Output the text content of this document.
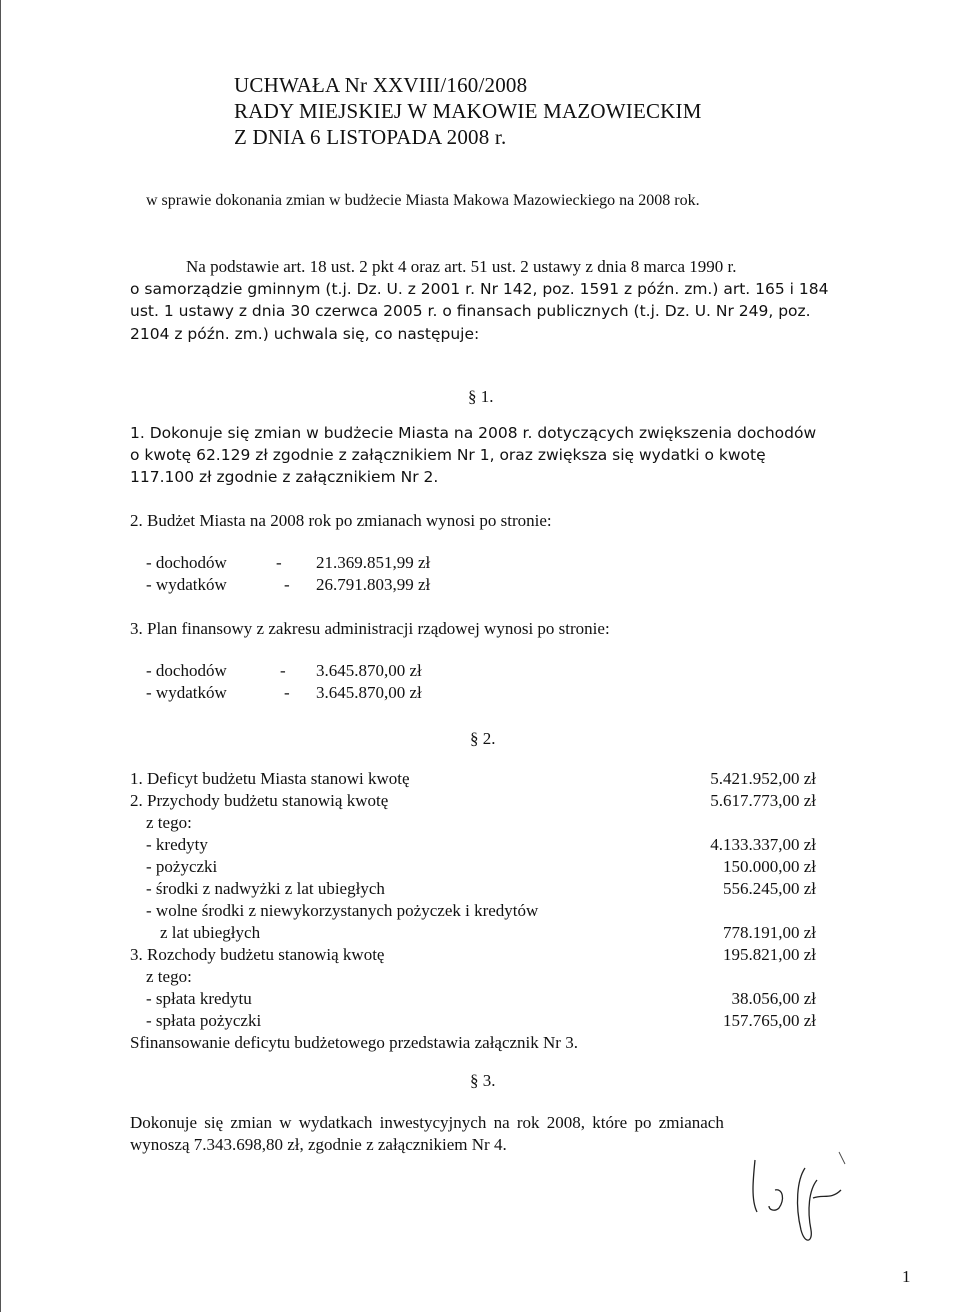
UCHWAŁA Nr XXVIII/160/2008
RADY MIEJSKIEJ W MAKOWIE MAZOWIECKIM
Z DNIA 6 LISTOPADA 2008 r.
w sprawie dokonania zmian w budżecie Miasta Makowa Mazowieckiego na 2008 rok.
Na podstawie art. 18 ust. 2 pkt 4 oraz art. 51 ust. 2 ustawy z dnia 8 marca 1990 r.
o samorządzie gminnym (t.j. Dz. U. z 2001 r. Nr 142, poz. 1591 z późn. zm.) art. 165 i 184
ust. 1 ustawy z dnia 30 czerwca 2005 r. o finansach publicznych (t.j. Dz. U. Nr 249, poz.
2104 z późn. zm.) uchwala się, co następuje:
§ 1.
1. Dokonuje się zmian w budżecie Miasta na 2008 r. dotyczących zwiększenia dochodów
o kwotę 62.129 zł zgodnie z załącznikiem Nr 1, oraz zwiększa się wydatki o kwotę
117.100 zł zgodnie z załącznikiem Nr 2.
2. Budżet Miasta na 2008 rok po zmianach wynosi po stronie:
- dochodów	- 21.369.851,99 zł
- wydatków	- 26.791.803,99 zł
3. Plan finansowy z zakresu administracji rządowej wynosi po stronie:
- dochodów	- 3.645.870,00 zł
- wydatków	- 3.645.870,00 zł
§ 2.
1. Deficyt budżetu Miasta stanowi kwotę	5.421.952,00 zł
2. Przychody budżetu stanowią kwotę	5.617.773,00 zł
z tego:
- kredyty	4.133.337,00 zł
- pożyczki	150.000,00 zł
- środki z nadwyżki z lat ubiegłych	556.245,00 zł
- wolne środki z niewykorzystanych pożyczek i kredytów
z lat ubiegłych	778.191,00 zł
3. Rozchody budżetu stanowią kwotę	195.821,00 zł
z tego:
- spłata kredytu	38.056,00 zł
- spłata pożyczki	157.765,00 zł
Sfinansowanie deficytu budżetowego przedstawia załącznik Nr 3.
§ 3.
Dokonuje się zmian w wydatkach inwestycyjnych na rok 2008, które po zmianach
wynoszą 7.343.698,80 zł, zgodnie z załącznikiem Nr 4.
1
